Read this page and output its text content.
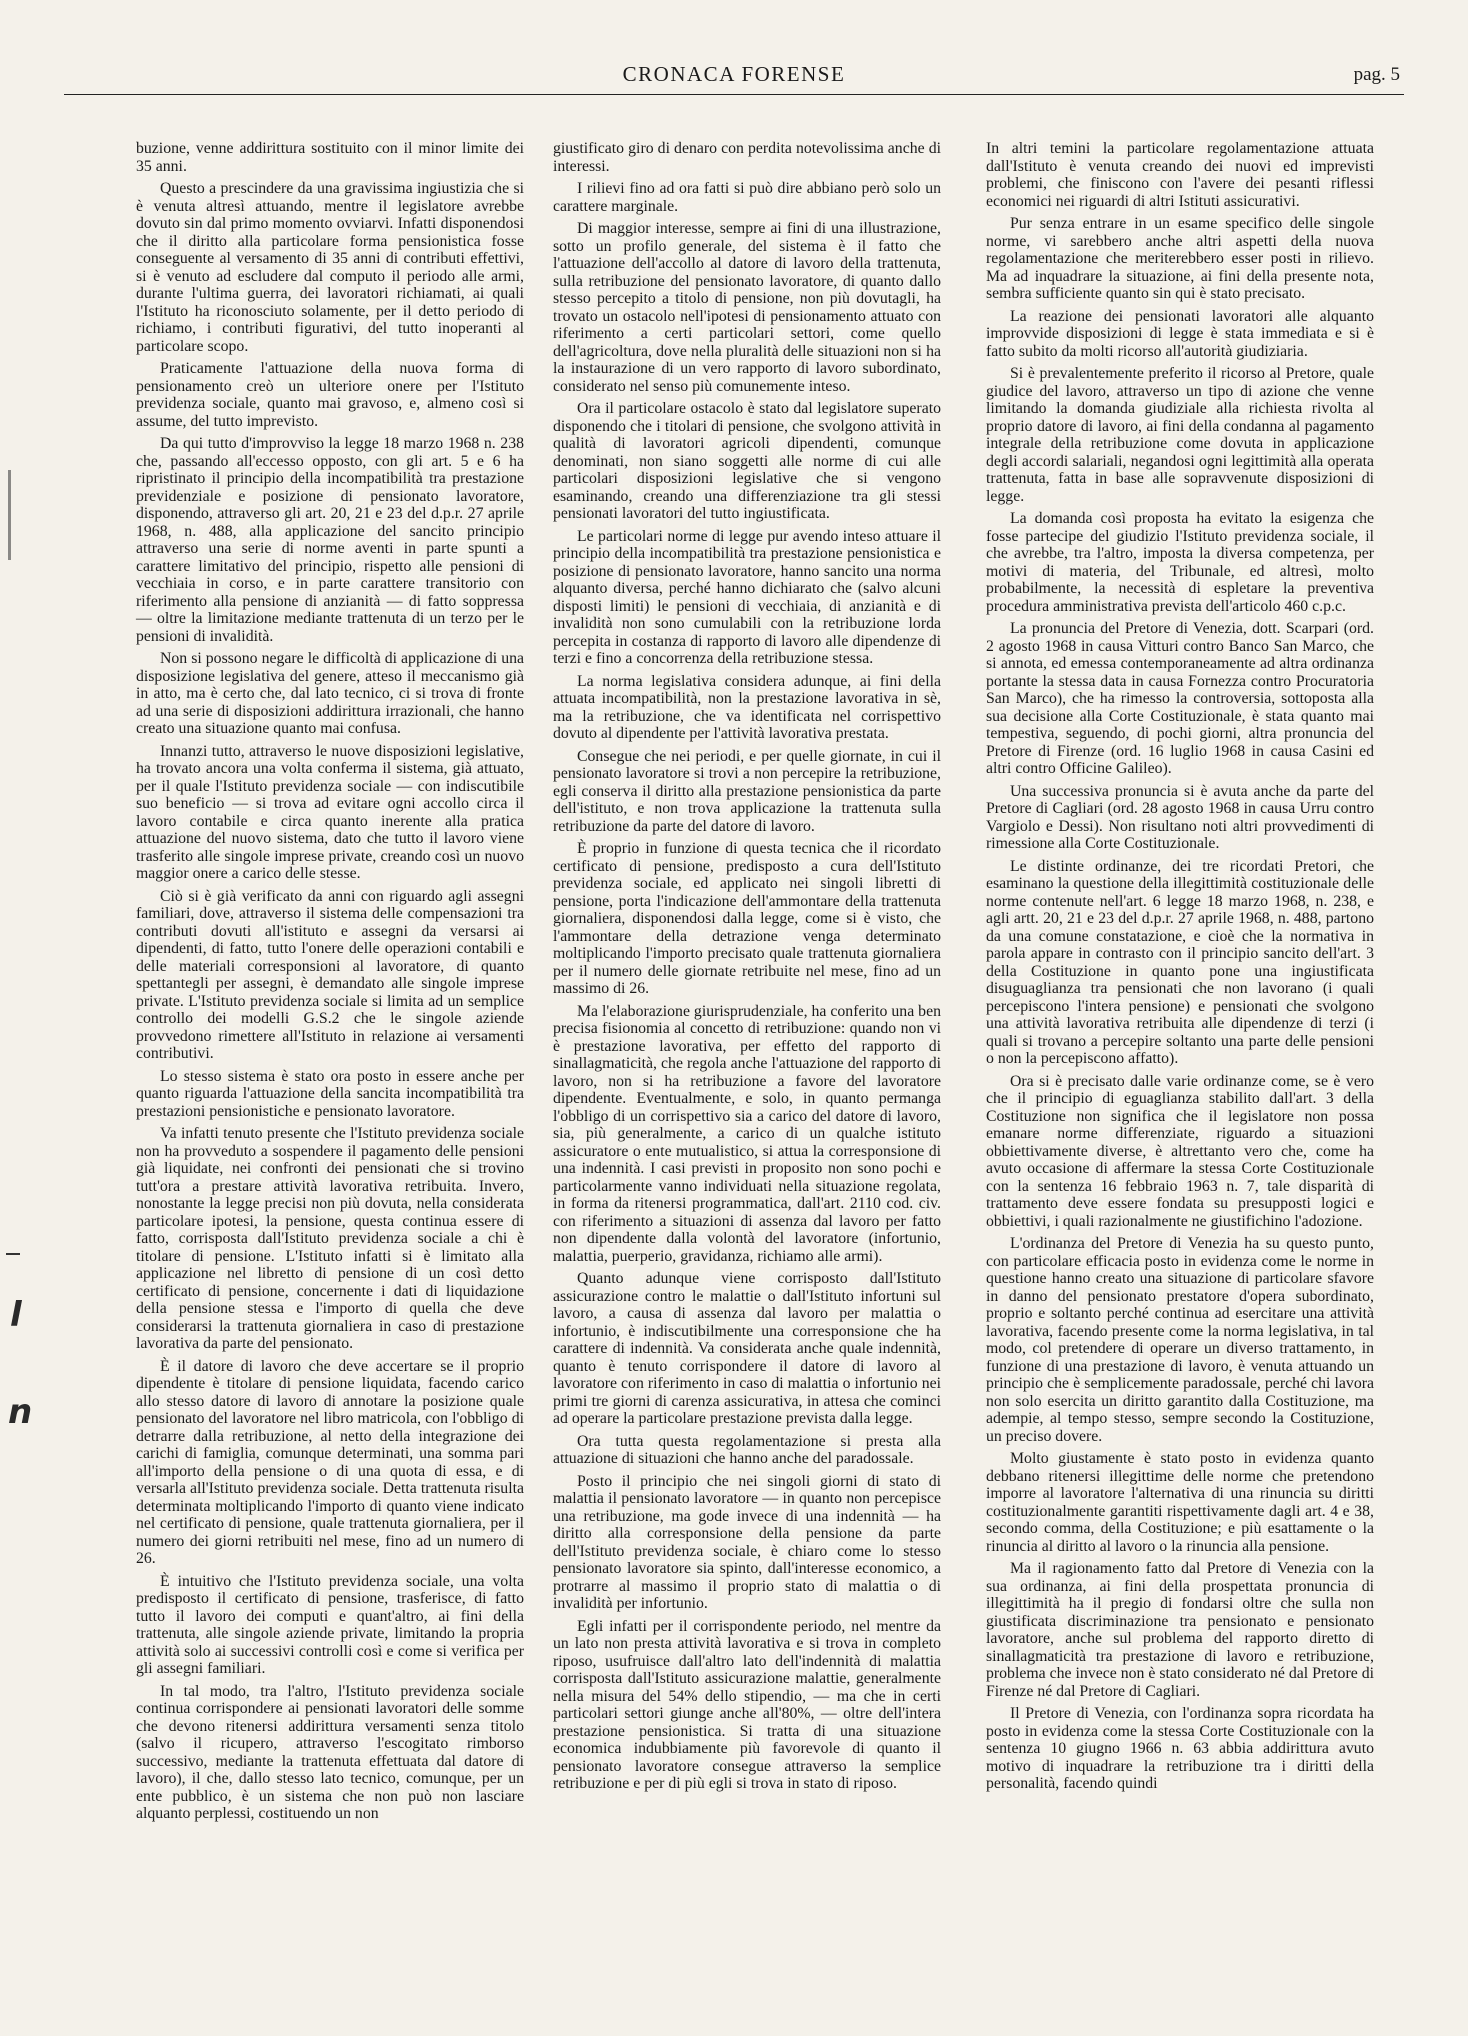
CRONACA FORENSE	pag. 5
l
n

buzione, venne addirittura sostituito con il minor limite dei 35 anni.

Questo a prescindere da una gravissima ingiustizia che si è venuta altresì attuando, mentre il legislatore avrebbe dovuto sin dal primo momento ovviarvi. Infatti disponendosi che il diritto alla particolare forma pensionistica fosse conseguente al versamento di 35 anni di contributi effettivi, si è venuto ad escludere dal computo il periodo alle armi, durante l'ultima guerra, dei lavoratori richiamati, ai quali l'Istituto ha riconosciuto solamente, per il detto periodo di richiamo, i contributi figurativi, del tutto inoperanti al particolare scopo.

Praticamente l'attuazione della nuova forma di pensionamento creò un ulteriore onere per l'Istituto previdenza sociale, quanto mai gravoso, e, almeno così si assume, del tutto imprevisto.

Da qui tutto d'improvviso la legge 18 marzo 1968 n. 238 che, passando all'eccesso opposto, con gli art. 5 e 6 ha ripristinato il principio della incompatibilità tra prestazione previdenziale e posizione di pensionato lavoratore, disponendo, attraverso gli art. 20, 21 e 23 del d.p.r. 27 aprile 1968, n. 488, alla applicazione del sancito principio attraverso una serie di norme aventi in parte spunti a carattere limitativo del principio, rispetto alle pensioni di vecchiaia in corso, e in parte carattere transitorio con riferimento alla pensione di anzianità — di fatto soppressa — oltre la limitazione mediante trattenuta di un terzo per le pensioni di invalidità.

Non si possono negare le difficoltà di applicazione di una disposizione legislativa del genere, atteso il meccanismo già in atto, ma è certo che, dal lato tecnico, ci si trova di fronte ad una serie di disposizioni addirittura irrazionali, che hanno creato una situazione quanto mai confusa.

Innanzi tutto, attraverso le nuove disposizioni legislative, ha trovato ancora una volta conferma il sistema, già attuato, per il quale l'Istituto previdenza sociale — con indiscutibile suo beneficio — si trova ad evitare ogni accollo circa il lavoro contabile e circa quanto inerente alla pratica attuazione del nuovo sistema, dato che tutto il lavoro viene trasferito alle singole imprese private, creando così un nuovo maggior onere a carico delle stesse.

Ciò si è già verificato da anni con riguardo agli assegni familiari, dove, attraverso il sistema delle compensazioni tra contributi dovuti all'istituto e assegni da versarsi ai dipendenti, di fatto, tutto l'onere delle operazioni contabili e delle materiali corresponsioni al lavoratore, di quanto spettantegli per assegni, è demandato alle singole imprese private. L'Istituto previdenza sociale si limita ad un semplice controllo dei modelli G.S.2 che le singole aziende provvedono rimettere all'Istituto in relazione ai versamenti contributivi.

Lo stesso sistema è stato ora posto in essere anche per quanto riguarda l'attuazione della sancita incompatibilità tra prestazioni pensionistiche e pensionato lavoratore.

Va infatti tenuto presente che l'Istituto previdenza sociale non ha provveduto a sospendere il pagamento delle pensioni già liquidate, nei confronti dei pensionati che si trovino tutt'ora a prestare attività lavorativa retribuita. Invero, nonostante la legge precisi non più dovuta, nella considerata particolare ipotesi, la pensione, questa continua essere di fatto, corrisposta dall'Istituto previdenza sociale a chi è titolare di pensione. L'Istituto infatti si è limitato alla applicazione nel libretto di pensione di un così detto certificato di pensione, concernente i dati di liquidazione della pensione stessa e l'importo di quella che deve considerarsi la trattenuta giornaliera in caso di prestazione lavorativa da parte del pensionato.

È il datore di lavoro che deve accertare se il proprio dipendente è titolare di pensione liquidata, facendo carico allo stesso datore di lavoro di annotare la posizione quale pensionato del lavoratore nel libro matricola, con l'obbligo di detrarre dalla retribuzione, al netto della integrazione dei carichi di famiglia, comunque determinati, una somma pari all'importo della pensione o di una quota di essa, e di versarla all'Istituto previdenza sociale. Detta trattenuta risulta determinata moltiplicando l'importo di quanto viene indicato nel certificato di pensione, quale trattenuta giornaliera, per il numero dei giorni retribuiti nel mese, fino ad un numero di 26.

È intuitivo che l'Istituto previdenza sociale, una volta predisposto il certificato di pensione, trasferisce, di fatto tutto il lavoro dei computi e quant'altro, ai fini della trattenuta, alle singole aziende private, limitando la propria attività solo ai successivi controlli così e come si verifica per gli assegni familiari.

In tal modo, tra l'altro, l'Istituto previdenza sociale continua corrispondere ai pensionati lavoratori delle somme che devono ritenersi addirittura versamenti senza titolo (salvo il ricupero, attraverso l'escogitato rimborso successivo, mediante la trattenuta effettuata dal datore di lavoro), il che, dallo stesso lato tecnico, comunque, per un ente pubblico, è un sistema che non può non lasciare alquanto perplessi, costituendo un non

giustificato giro di denaro con perdita notevolissima anche di interessi.

I rilievi fino ad ora fatti si può dire abbiano però solo un carattere marginale.

Di maggior interesse, sempre ai fini di una illustrazione, sotto un profilo generale, del sistema è il fatto che l'attuazione dell'accollo al datore di lavoro della trattenuta, sulla retribuzione del pensionato lavoratore, di quanto dallo stesso percepito a titolo di pensione, non più dovutagli, ha trovato un ostacolo nell'ipotesi di pensionamento attuato con riferimento a certi particolari settori, come quello dell'agricoltura, dove nella pluralità delle situazioni non si ha la instaurazione di un vero rapporto di lavoro subordinato, considerato nel senso più comunemente inteso.

Ora il particolare ostacolo è stato dal legislatore superato disponendo che i titolari di pensione, che svolgono attività in qualità di lavoratori agricoli dipendenti, comunque denominati, non siano soggetti alle norme di cui alle particolari disposizioni legislative che si vengono esaminando, creando una differenziazione tra gli stessi pensionati lavoratori del tutto ingiustificata.

Le particolari norme di legge pur avendo inteso attuare il principio della incompatibilità tra prestazione pensionistica e posizione di pensionato lavoratore, hanno sancito una norma alquanto diversa, perché hanno dichiarato che (salvo alcuni disposti limiti) le pensioni di vecchiaia, di anzianità e di invalidità non sono cumulabili con la retribuzione lorda percepita in costanza di rapporto di lavoro alle dipendenze di terzi e fino a concorrenza della retribuzione stessa.

La norma legislativa considera adunque, ai fini della attuata incompatibilità, non la prestazione lavorativa in sè, ma la retribuzione, che va identificata nel corrispettivo dovuto al dipendente per l'attività lavorativa prestata.

Consegue che nei periodi, e per quelle giornate, in cui il pensionato lavoratore si trovi a non percepire la retribuzione, egli conserva il diritto alla prestazione pensionistica da parte dell'istituto, e non trova applicazione la trattenuta sulla retribuzione da parte del datore di lavoro.

È proprio in funzione di questa tecnica che il ricordato certificato di pensione, predisposto a cura dell'Istituto previdenza sociale, ed applicato nei singoli libretti di pensione, porta l'indicazione dell'ammontare della trattenuta giornaliera, disponendosi dalla legge, come si è visto, che l'ammontare della detrazione venga determinato moltiplicando l'importo precisato quale trattenuta giornaliera per il numero delle giornate retribuite nel mese, fino ad un massimo di 26.

Ma l'elaborazione giurisprudenziale, ha conferito una ben precisa fisionomia al concetto di retribuzione: quando non vi è prestazione lavorativa, per effetto del rapporto di sinallagmaticità, che regola anche l'attuazione del rapporto di lavoro, non si ha retribuzione a favore del lavoratore dipendente. Eventualmente, e solo, in quanto permanga l'obbligo di un corrispettivo sia a carico del datore di lavoro, sia, più generalmente, a carico di un qualche istituto assicuratore o ente mutualistico, si attua la corresponsione di una indennità. I casi previsti in proposito non sono pochi e particolarmente vanno individuati nella situazione regolata, in forma da ritenersi programmatica, dall'art. 2110 cod. civ. con riferimento a situazioni di assenza dal lavoro per fatto non dipendente dalla volontà del lavoratore (infortunio, malattia, puerperio, gravidanza, richiamo alle armi).

Quanto adunque viene corrisposto dall'Istituto assicurazione contro le malattie o dall'Istituto infortuni sul lavoro, a causa di assenza dal lavoro per malattia o infortunio, è indiscutibilmente una corresponsione che ha carattere di indennità. Va considerata anche quale indennità, quanto è tenuto corrispondere il datore di lavoro al lavoratore con riferimento in caso di malattia o infortunio nei primi tre giorni di carenza assicurativa, in attesa che cominci ad operare la particolare prestazione prevista dalla legge.

Ora tutta questa regolamentazione si presta alla attuazione di situazioni che hanno anche del paradossale.

Posto il principio che nei singoli giorni di stato di malattia il pensionato lavoratore — in quanto non percepisce una retribuzione, ma gode invece di una indennità — ha diritto alla corresponsione della pensione da parte dell'Istituto previdenza sociale, è chiaro come lo stesso pensionato lavoratore sia spinto, dall'interesse economico, a protrarre al massimo il proprio stato di malattia o di invalidità per infortunio.

Egli infatti per il corrispondente periodo, nel mentre da un lato non presta attività lavorativa e si trova in completo riposo, usufruisce dall'altro lato dell'indennità di malattia corrisposta dall'Istituto assicurazione malattie, generalmente nella misura del 54% dello stipendio, — ma che in certi particolari settori giunge anche all'80%, — oltre dell'intera prestazione pensionistica. Si tratta di una situazione economica indubbiamente più favorevole di quanto il pensionato lavoratore consegue attraverso la semplice retribuzione e per di più egli si trova in stato di riposo.

In altri temini la particolare regolamentazione attuata dall'Istituto è venuta creando dei nuovi ed imprevisti problemi, che finiscono con l'avere dei pesanti riflessi economici nei riguardi di altri Istituti assicurativi.

Pur senza entrare in un esame specifico delle singole norme, vi sarebbero anche altri aspetti della nuova regolamentazione che meriterebbero esser posti in rilievo. Ma ad inquadrare la situazione, ai fini della presente nota, sembra sufficiente quanto sin qui è stato precisato.

La reazione dei pensionati lavoratori alle alquanto improvvide disposizioni di legge è stata immediata e si è fatto subito da molti ricorso all'autorità giudiziaria.

Si è prevalentemente preferito il ricorso al Pretore, quale giudice del lavoro, attraverso un tipo di azione che venne limitando la domanda giudiziale alla richiesta rivolta al proprio datore di lavoro, ai fini della condanna al pagamento integrale della retribuzione come dovuta in applicazione degli accordi salariali, negandosi ogni legittimità alla operata trattenuta, fatta in base alle sopravvenute disposizioni di legge.

La domanda così proposta ha evitato la esigenza che fosse partecipe del giudizio l'Istituto previdenza sociale, il che avrebbe, tra l'altro, imposta la diversa competenza, per motivi di materia, del Tribunale, ed altresì, molto probabilmente, la necessità di espletare la preventiva procedura amministrativa prevista dell'articolo 460 c.p.c.

La pronuncia del Pretore di Venezia, dott. Scarpari (ord. 2 agosto 1968 in causa Vitturi contro Banco San Marco, che si annota, ed emessa contemporaneamente ad altra ordinanza portante la stessa data in causa Fornezza contro Procuratoria San Marco), che ha rimesso la controversia, sottoposta alla sua decisione alla Corte Costituzionale, è stata quanto mai tempestiva, seguendo, di pochi giorni, altra pronuncia del Pretore di Firenze (ord. 16 luglio 1968 in causa Casini ed altri contro Officine Galileo).

Una successiva pronuncia si è avuta anche da parte del Pretore di Cagliari (ord. 28 agosto 1968 in causa Urru contro Vargiolo e Dessi). Non risultano noti altri provvedimenti di rimessione alla Corte Costituzionale.

Le distinte ordinanze, dei tre ricordati Pretori, che esaminano la questione della illegittimità costituzionale delle norme contenute nell'art. 6 legge 18 marzo 1968, n. 238, e agli artt. 20, 21 e 23 del d.p.r. 27 aprile 1968, n. 488, partono da una comune constatazione, e cioè che la normativa in parola appare in contrasto con il principio sancito dell'art. 3 della Costituzione in quanto pone una ingiustificata disuguaglianza tra pensionati che non lavorano (i quali percepiscono l'intera pensione) e pensionati che svolgono una attività lavorativa retribuita alle dipendenze di terzi (i quali si trovano a percepire soltanto una parte delle pensioni o non la percepiscono affatto).

Ora si è precisato dalle varie ordinanze come, se è vero che il principio di eguaglianza stabilito dall'art. 3 della Costituzione non significa che il legislatore non possa emanare norme differenziate, riguardo a situazioni obbiettivamente diverse, è altrettanto vero che, come ha avuto occasione di affermare la stessa Corte Costituzionale con la sentenza 16 febbraio 1963 n. 7, tale disparità di trattamento deve essere fondata su presupposti logici e obbiettivi, i quali razionalmente ne giustifichino l'adozione.

L'ordinanza del Pretore di Venezia ha su questo punto, con particolare efficacia posto in evidenza come le norme in questione hanno creato una situazione di particolare sfavore in danno del pensionato prestatore d'opera subordinato, proprio e soltanto perché continua ad esercitare una attività lavorativa, facendo presente come la norma legislativa, in tal modo, col pretendere di operare un diverso trattamento, in funzione di una prestazione di lavoro, è venuta attuando un principio che è semplicemente paradossale, perché chi lavora non solo esercita un diritto garantito dalla Costituzione, ma adempie, al tempo stesso, sempre secondo la Costituzione, un preciso dovere.

Molto giustamente è stato posto in evidenza quanto debbano ritenersi illegittime delle norme che pretendono imporre al lavoratore l'alternativa di una rinuncia su diritti costituzionalmente garantiti rispettivamente dagli art. 4 e 38, secondo comma, della Costituzione; e più esattamente o la rinuncia al diritto al lavoro o la rinuncia alla pensione.

Ma il ragionamento fatto dal Pretore di Venezia con la sua ordinanza, ai fini della prospettata pronuncia di illegittimità ha il pregio di fondarsi oltre che sulla non giustificata discriminazione tra pensionato e pensionato lavoratore, anche sul problema del rapporto diretto di sinallagmaticità tra prestazione di lavoro e retribuzione, problema che invece non è stato considerato né dal Pretore di Firenze né dal Pretore di Cagliari.

Il Pretore di Venezia, con l'ordinanza sopra ricordata ha posto in evidenza come la stessa Corte Costituzionale con la sentenza 10 giugno 1966 n. 63 abbia addirittura avuto motivo di inquadrare la retribuzione tra i diritti della personalità, facendo quindi
